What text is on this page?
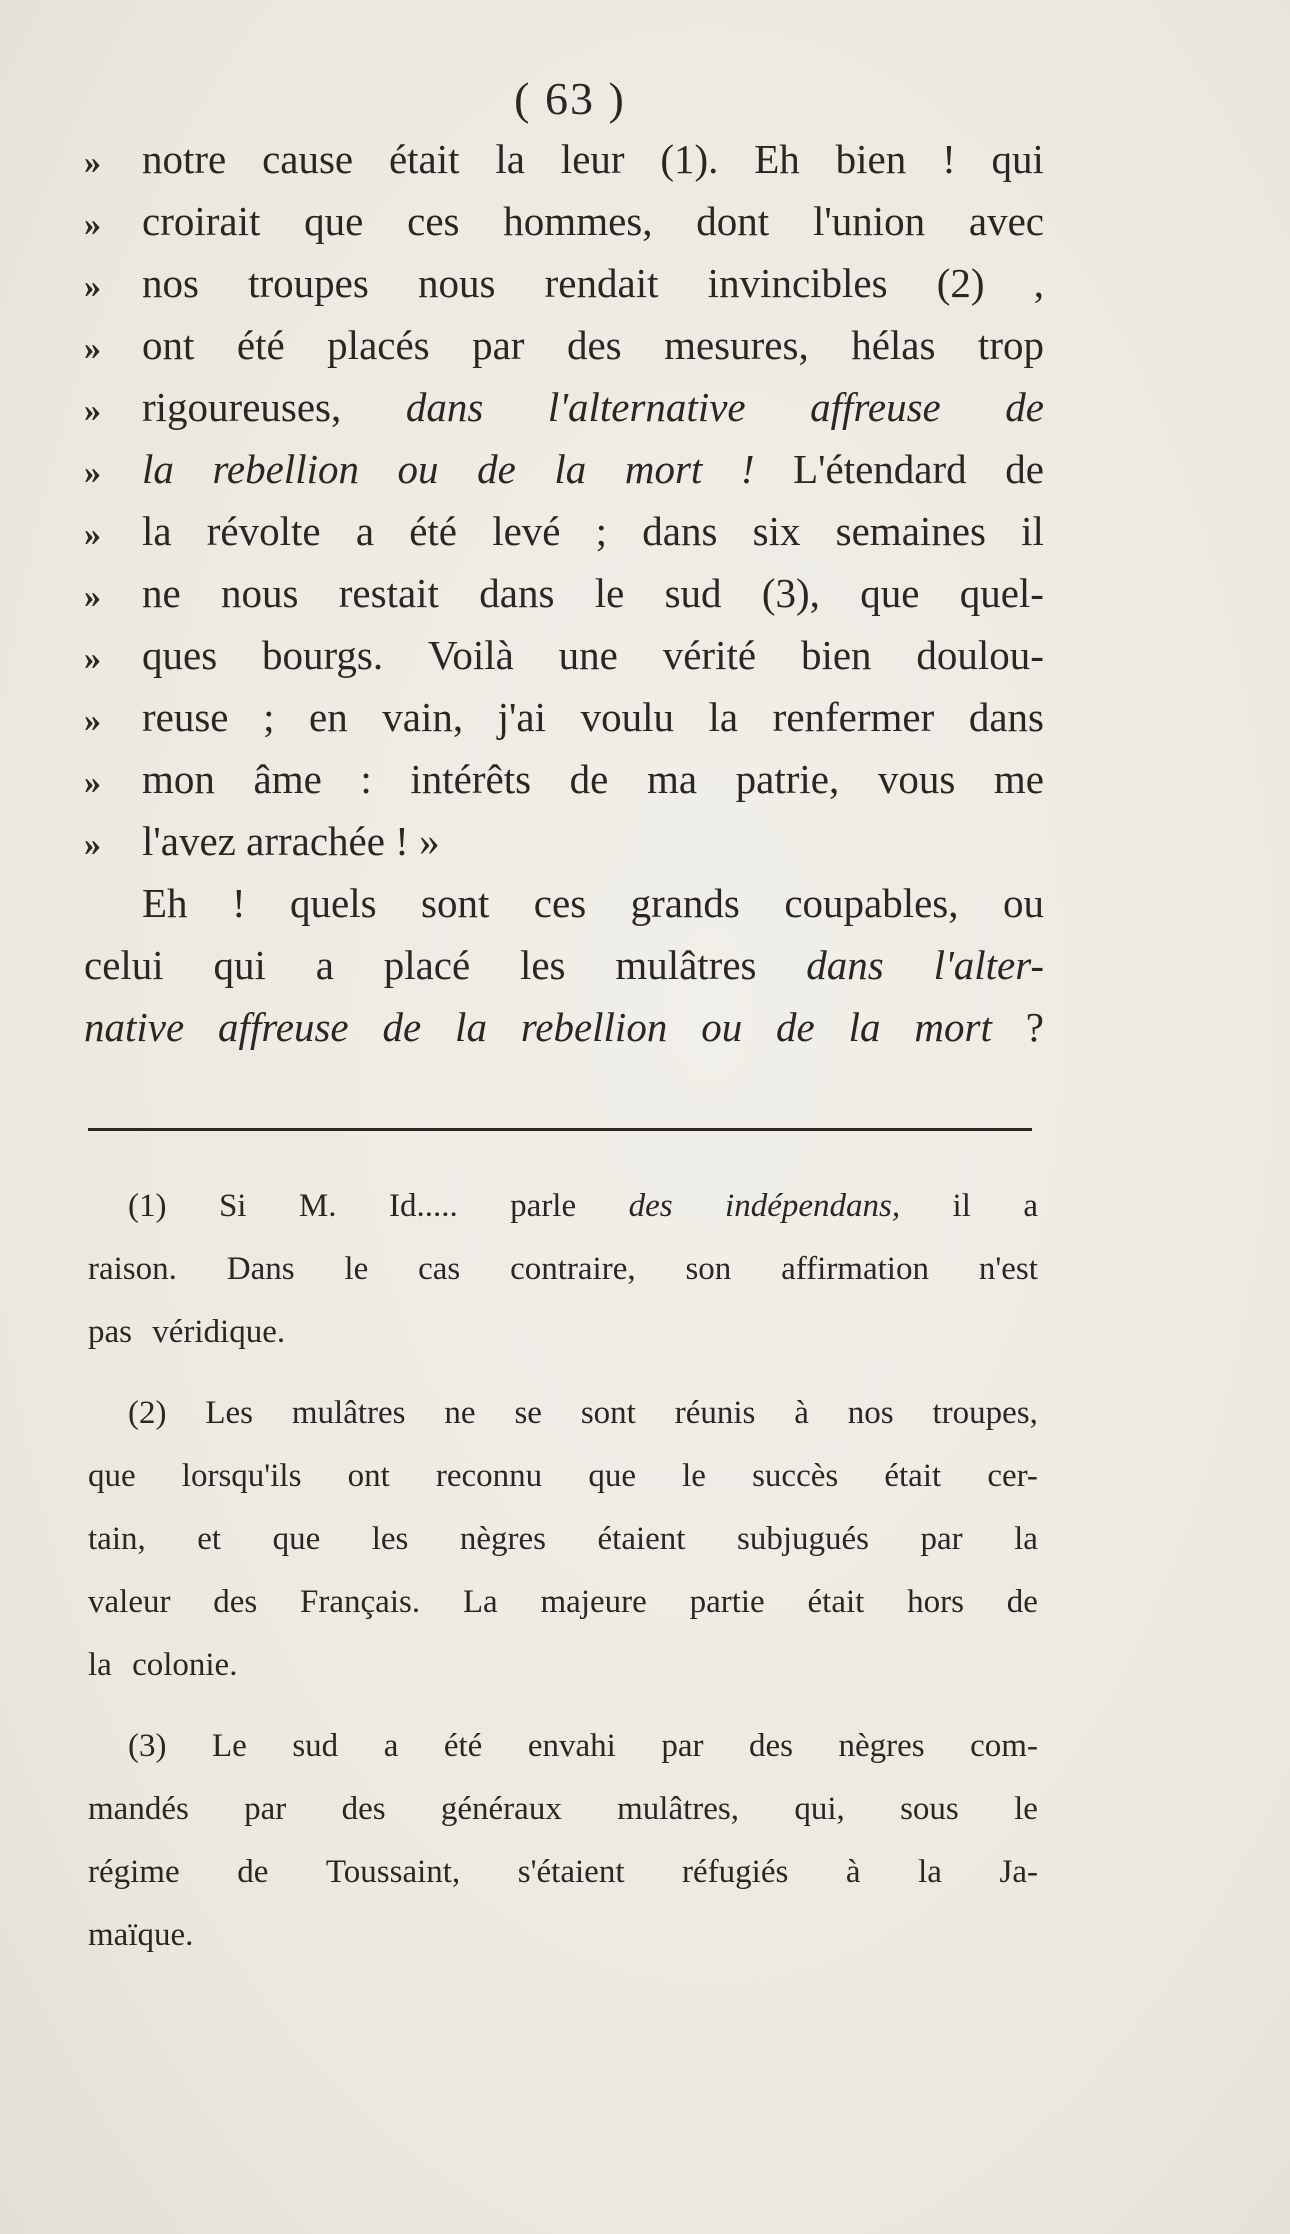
( 63 )
»	notre cause était la leur (1). Eh bien ! qui
»	croirait que ces hommes, dont l'union avec
»	nos troupes nous rendait invincibles (2) ,
»	ont été placés par des mesures, hélas trop
»	rigoureuses, dans l'alternative affreuse de
»	la rebellion ou de la mort ! L'étendard de
»	la révolte a été levé ; dans six semaines il
»	ne nous restait dans le sud (3), que quel-
»	ques bourgs. Voilà une vérité bien doulou-
»	reuse ; en vain, j'ai voulu la renfermer dans
»	mon âme : intérêts de ma patrie, vous me
»	l'avez arrachée ! »
Eh ! quels sont ces grands coupables, ou
celui qui a placé les mulâtres dans l'alter-
native affreuse de la rebellion ou de la mort ?
(1) Si M. Id..... parle des indépendans, il a
raison. Dans le cas contraire, son affirmation n'est
pas véridique.
(2) Les mulâtres ne se sont réunis à nos troupes,
que lorsqu'ils ont reconnu que le succès était cer-
tain, et que les nègres étaient subjugués par la
valeur des Français. La majeure partie était hors de
la colonie.
(3) Le sud a été envahi par des nègres com-
mandés par des généraux mulâtres, qui, sous le
régime de Toussaint, s'étaient réfugiés à la Ja-
maïque.
